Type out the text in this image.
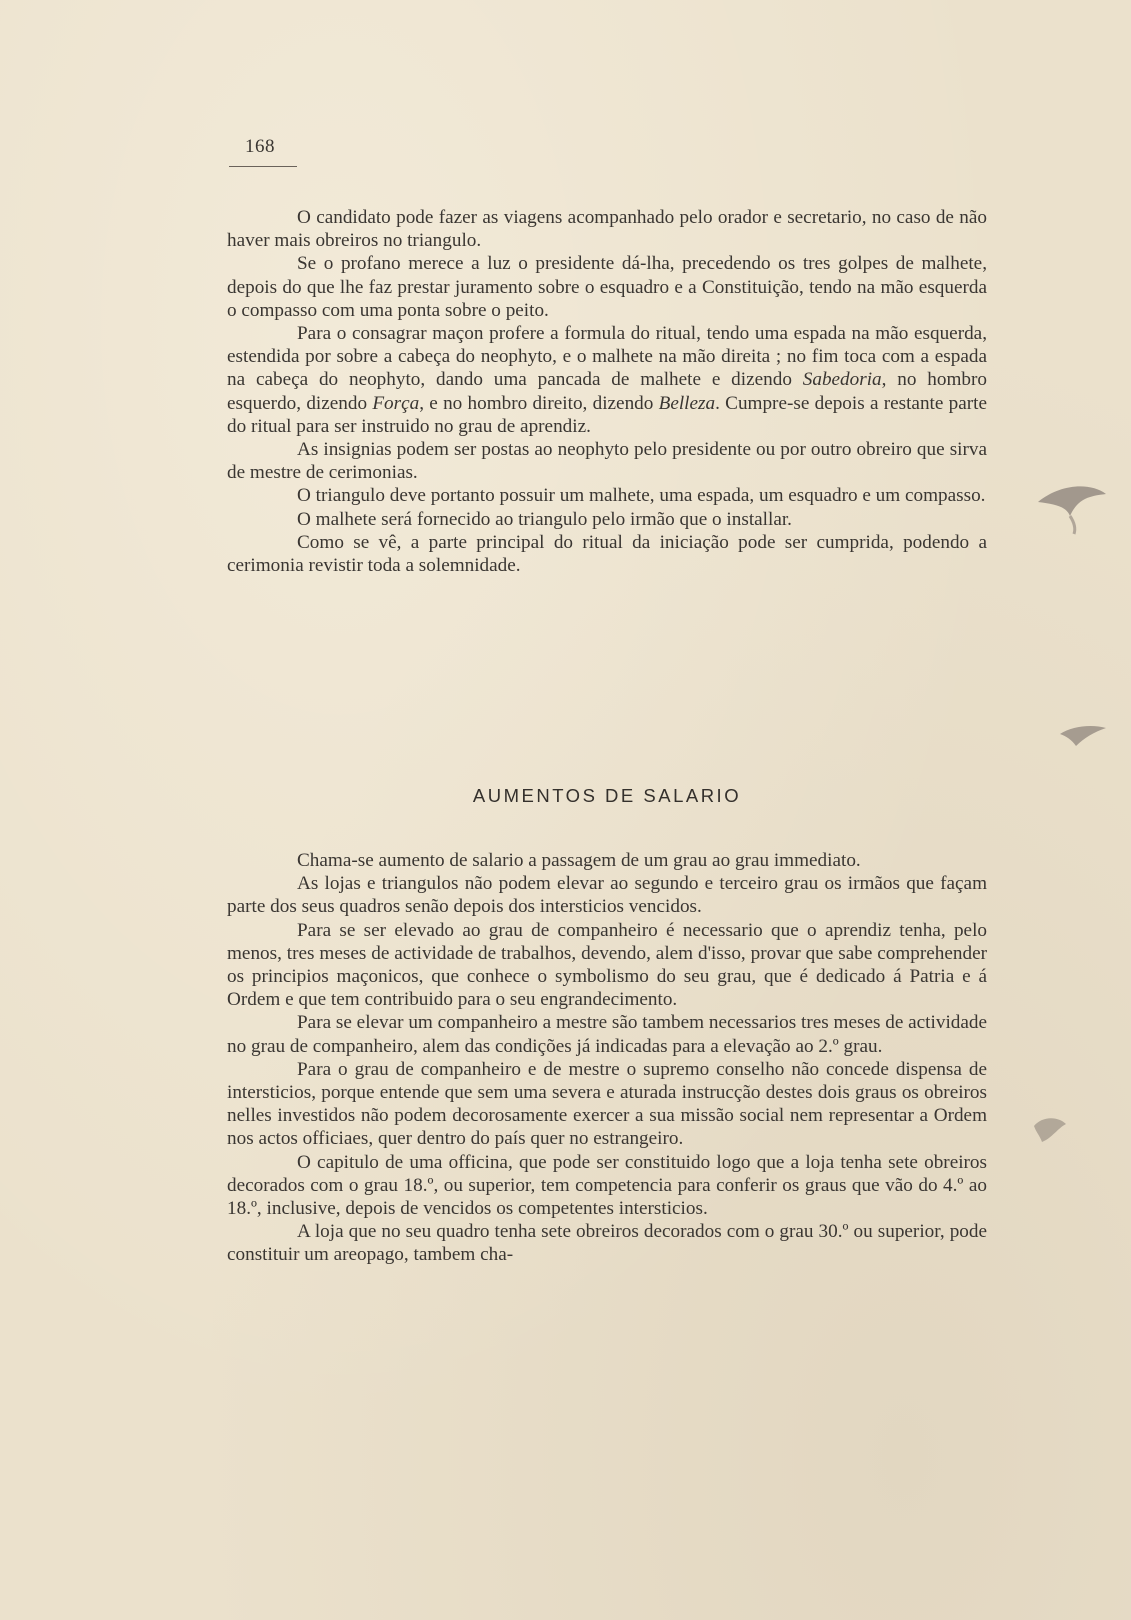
168

O candidato pode fazer as viagens acompanhado pelo orador e secretario, no caso de não haver mais obreiros no triangulo.

Se o profano merece a luz o presidente dá-lha, precedendo os tres golpes de malhete, depois do que lhe faz prestar juramento sobre o esquadro e a Constituição, tendo na mão esquerda o compasso com uma ponta sobre o peito.

Para o consagrar maçon profere a formula do ritual, tendo uma espada na mão esquerda, estendida por sobre a cabeça do neophyto, e o malhete na mão direita ; no fim toca com a espada na cabeça do neophyto, dando uma pancada de malhete e dizendo Sabedoria, no hombro esquerdo, dizendo Força, e no hombro direito, dizendo Belleza. Cumpre-se depois a restante parte do ritual para ser instruido no grau de aprendiz.

As insignias podem ser postas ao neophyto pelo presidente ou por outro obreiro que sirva de mestre de cerimonias.

O triangulo deve portanto possuir um malhete, uma espada, um esquadro e um compasso.

O malhete será fornecido ao triangulo pelo irmão que o installar.

Como se vê, a parte principal do ritual da iniciação pode ser cumprida, podendo a cerimonia revistir toda a solemnidade.

AUMENTOS DE SALARIO

Chama-se aumento de salario a passagem de um grau ao grau immediato.

As lojas e triangulos não podem elevar ao segundo e terceiro grau os irmãos que façam parte dos seus quadros senão depois dos intersticios vencidos.

Para se ser elevado ao grau de companheiro é necessario que o aprendiz tenha, pelo menos, tres meses de actividade de trabalhos, devendo, alem d'isso, provar que sabe comprehender os principios maçonicos, que conhece o symbolismo do seu grau, que é dedicado á Patria e á Ordem e que tem contribuido para o seu engrandecimento.

Para se elevar um companheiro a mestre são tambem necessarios tres meses de actividade no grau de companheiro, alem das condições já indicadas para a elevação ao 2.º grau.

Para o grau de companheiro e de mestre o supremo conselho não concede dispensa de intersticios, porque entende que sem uma severa e aturada instrucção destes dois graus os obreiros nelles investidos não podem decorosamente exercer a sua missão social nem representar a Ordem nos actos officiaes, quer dentro do país quer no estrangeiro.

O capitulo de uma officina, que pode ser constituido logo que a loja tenha sete obreiros decorados com o grau 18.º, ou superior, tem competencia para conferir os graus que vão do 4.º ao 18.º, inclusive, depois de vencidos os competentes intersticios.

A loja que no seu quadro tenha sete obreiros decorados com o grau 30.º ou superior, pode constituir um areopago, tambem cha-
